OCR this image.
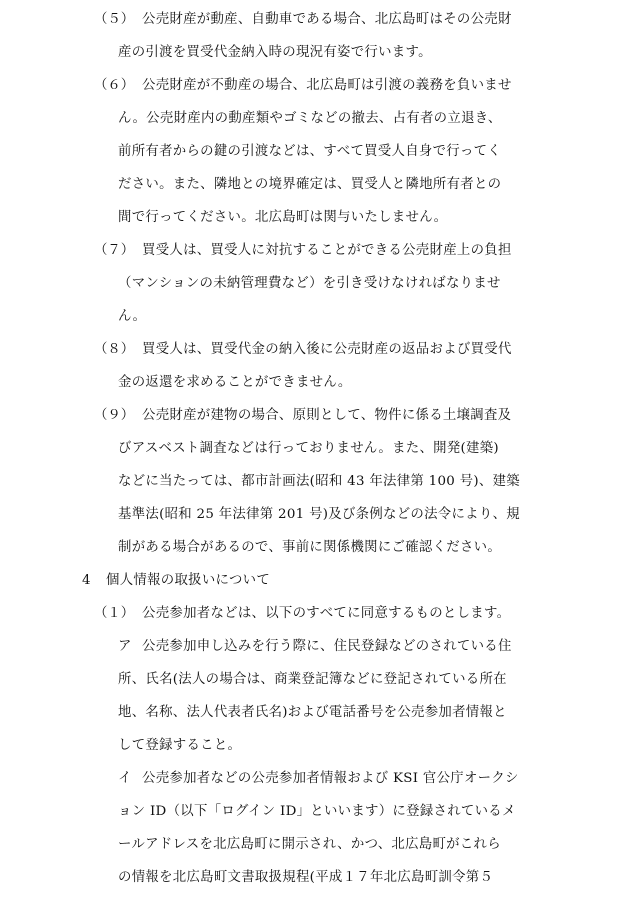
（５） 公売財産が動産、自動車である場合、北広島町はその公売財
産の引渡を買受代金納入時の現況有姿で行います。
（６） 公売財産が不動産の場合、北広島町は引渡の義務を負いませ
ん。公売財産内の動産類やゴミなどの撤去、占有者の立退き、
前所有者からの鍵の引渡などは、すべて買受人自身で行ってく
ださい。また、隣地との境界確定は、買受人と隣地所有者との
間で行ってください。北広島町は関与いたしません。
（７） 買受人は、買受人に対抗することができる公売財産上の負担
（マンションの未納管理費など）を引き受けなければなりませ
ん。
（８） 買受人は、買受代金の納入後に公売財産の返品および買受代
金の返還を求めることができません。
（９） 公売財産が建物の場合、原則として、物件に係る土壌調査及
びアスベスト調査などは行っておりません。また、開発(建築)
などに当たっては、都市計画法(昭和 43 年法律第 100 号)、建築
基準法(昭和 25 年法律第 201 号)及び条例などの法令により、規
制がある場合があるので、事前に関係機関にご確認ください。
4 個人情報の取扱いについて
（１） 公売参加者などは、以下のすべてに同意するものとします。
ア 公売参加申し込みを行う際に、住民登録などのされている住
所、氏名(法人の場合は、商業登記簿などに登記されている所在
地、名称、法人代表者氏名)および電話番号を公売参加者情報と
して登録すること。
イ 公売参加者などの公売参加者情報および KSI 官公庁オークシ
ョン ID（以下「ログイン ID」といいます）に登録されているメ
ールアドレスを北広島町に開示され、かつ、北広島町がこれら
の情報を北広島町文書取扱規程(平成１７年北広島町訓令第５
